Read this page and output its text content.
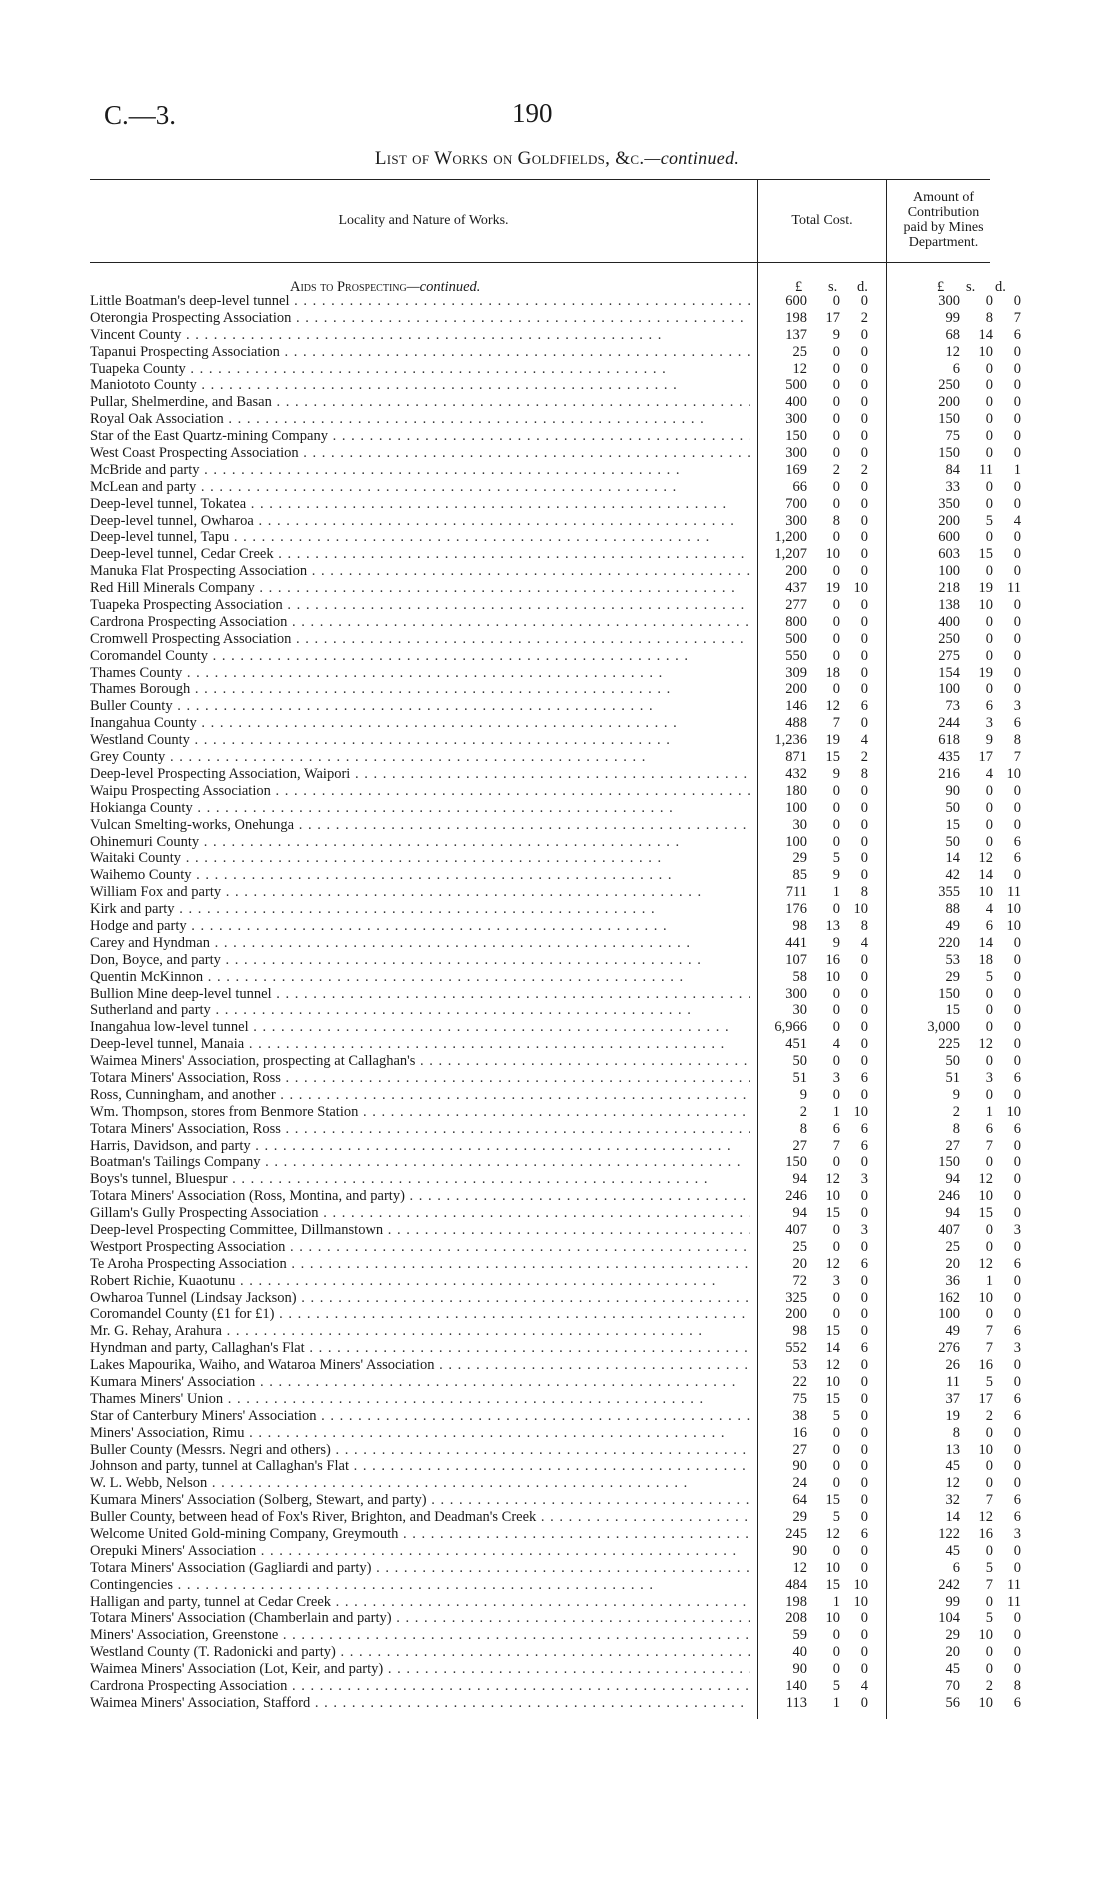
C.—3.	190
List of Works on Goldfields, &c.—continued.
Locality and Nature of Works.	Total Cost.
Amount of
Contribution
paid by Mines
Department.
Aids to Prospecting—continued.	£ s. d.	£ s. d.
Little Boatman's deep-level tunnel . .	600	0	0	300	0	0
Oterongia Prospecting Association . .	198	17	2	99	8	7
Vincent County . .	137	9	0	68	14	6
Tapanui Prospecting Association . .	25	0	0	12	10	0
Tuapeka County . .	12	0	0	6	0	0
Maniototo County . .	500	0	0	250	0	0
Pullar, Shelmerdine, and Basan . .	400	0	0	200	0	0
Royal Oak Association . .	300	0	0	150	0	0
Star of the East Quartz-mining Company . .	150	0	0	75	0	0
West Coast Prospecting Association . .	300	0	0	150	0	0
McBride and party . .	169	2	2	84	11	1
McLean and party . .	66	0	0	33	0	0
Deep-level tunnel, Tokatea . .	700	0	0	350	0	0
Deep-level tunnel, Owharoa . .	300	8	0	200	5	4
Deep-level tunnel, Tapu . .	1,200	0	0	600	0	0
Deep-level tunnel, Cedar Creek . .	1,207	10	0	603	15	0
Manuka Flat Prospecting Association . .	200	0	0	100	0	0
Red Hill Minerals Company . .	437	19 10	218	19 11
Tuapeka Prospecting Association . .	277	0	0	138	10	0
Cardrona Prospecting Association . .	800	0	0	400	0	0
Cromwell Prospecting Association . .	500	0	0	250	0	0
Coromandel County . .	550	0	0	275	0	0
Thames County . .	309	18	0	154	19	0
Thames Borough . .	200	0	0	100	0	0
Buller County . .	146	12	6	73	6	3
Inangahua County . .	488	7	0	244	3	6
Westland County . .	1,236	19	4	618	9	8
Grey County . .	871	15	2	435	17	7
Deep-level Prospecting Association, Waipori . .	432	9	8	216	4 10
Waipu Prospecting Association . .	180	0	0	90	0	0
Hokianga County . .	100	0	0	50	0	0
Vulcan Smelting-works, Onehunga . .	30	0	0	15	0	0
Ohinemuri County . .	100	0	0	50	0	6
Waitaki County . .	29	5	0	14	12	6
Waihemo County . .	85	9	0	42	14	0
William Fox and party . .	711	1	8	355	10 11
Kirk and party . .	176	0 10	88	4 10
Hodge and party . .	98	13	8	49	6 10
Carey and Hyndman . .	441	9	4	220	14	0
Don, Boyce, and party . .	107	16	0	53	18	0
Quentin McKinnon . .	58	10	0	29	5	0
Bullion Mine deep-level tunnel . .	300	0	0	150	0	0
Sutherland and party . .	30	0	0	15	0	0
Inangahua low-level tunnel . .	6,966	0	0	3,000	0	0
Deep-level tunnel, Manaia . .	451	4	0	225	12	0
Waimea Miners' Association, prospecting at Callaghan's . .	50	0	0	50	0	0
Totara Miners' Association, Ross . .	51	3	6	51	3	6
Ross, Cunningham, and another . .	9	0	0	9	0	0
Wm. Thompson, stores from Benmore Station . .	2	1 10	2	1 10
Totara Miners' Association, Ross . .	8	6	6	8	6	6
Harris, Davidson, and party . .	27	7	6	27	7	0
Boatman's Tailings Company . .	150	0	0	150	0	0
Boys's tunnel, Bluespur . .	94	12	3	94	12	0
Totara Miners' Association (Ross, Montina, and party) . .	246	10	0	246	10	0
Gillam's Gully Prospecting Association . .	94	15	0	94	15	0
Deep-level Prospecting Committee, Dillmanstown . .	407	0	3	407	0	3
Westport Prospecting Association . .	25	0	0	25	0	0
Te Aroha Prospecting Association . .	20	12	6	20	12	6
Robert Richie, Kuaotunu . .	72	3	0	36	1	0
Owharoa Tunnel (Lindsay Jackson) . .	325	0	0	162	10	0
Coromandel County (£1 for £1) . .	200	0	0	100	0	0
Mr. G. Rehay, Arahura . .	98	15	0	49	7	6
Hyndman and party, Callaghan's Flat . .	552	14	6	276	7	3
Lakes Mapourika, Waiho, and Wataroa Miners' Association . .	53	12	0	26	16	0
Kumara Miners' Association . .	22	10	0	11	5	0
Thames Miners' Union . .	75	15	0	37	17	6
Star of Canterbury Miners' Association . .	38	5	0	19	2	6
Miners' Association, Rimu . .	16	0	0	8	0	0
Buller County (Messrs. Negri and others) . .	27	0	0	13	10	0
Johnson and party, tunnel at Callaghan's Flat . .	90	0	0	45	0	0
W. L. Webb, Nelson . .	24	0	0	12	0	0
Kumara Miners' Association (Solberg, Stewart, and party) . .	64	15	0	32	7	6
Buller County, between head of Fox's River, Brighton, and Deadman's Creek . .	29	5	0	14	12	6
Welcome United Gold-mining Company, Greymouth . .	245	12	6	122	16	3
Orepuki Miners' Association . .	90	0	0	45	0	0
Totara Miners' Association (Gagliardi and party) . .	12	10	0	6	5	0
Contingencies . .	484	15 10	242	7 11
Halligan and party, tunnel at Cedar Creek . .	198	1 10	99	0 11
Totara Miners' Association (Chamberlain and party) . .	208	10	0	104	5	0
Miners' Association, Greenstone . .	59	0	0	29	10	0
Westland County (T. Radonicki and party) . .	40	0	0	20	0	0
Waimea Miners' Association (Lot, Keir, and party) . .	90	0	0	45	0	0
Cardrona Prospecting Association . .	140	5	4	70	2	8
Waimea Miners' Association, Stafford . .	113	1	0	56	10	6
